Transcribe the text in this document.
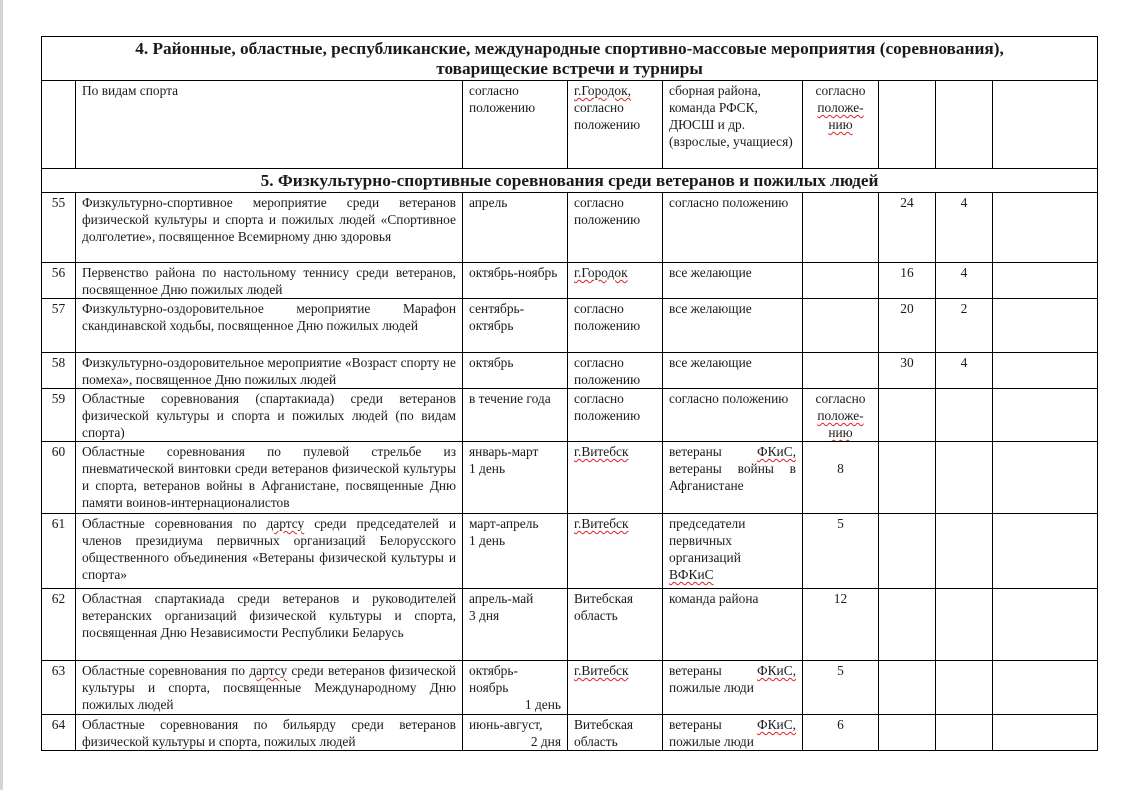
4. Районные, областные, республиканские, международные спортивно-массовые мероприятия (соревнования),
товарищеские встречи и турниры								

	По видам спорта	согласно положению	г.Городок, согласно положению	сборная района, команда РФСК, ДЮСШ и др. (взрослые, учащиеся)	согласно
положе-
нию			

5. Физкультурно-спортивные соревнования среди ветеранов и пожилых людей								
55	Физкультурно-спортивное мероприятие среди ветеранов физической культуры и спорта и пожилых людей «Спортивное долголетие», посвященное Всемирному дню здоровья	апрель	согласно положению	согласно положению		24	4	
56	Первенство района по настольному теннису среди ветеранов, посвященное Дню пожилых людей	октябрь-ноябрь	г.Городок	все желающие		16	4	
57	Физкультурно-оздоровительное мероприятие Марафон скандинавской ходьбы, посвященное Дню пожилых людей	сентябрь-октябрь	согласно положению	все желающие		20	2	
58	Физкультурно-оздоровительное мероприятие «Возраст спорту не помеха», посвященное Дню пожилых людей	октябрь	согласно положению	все желающие		30	4	
59	Областные соревнования (спартакиада) среди ветеранов физической культуры и спорта и пожилых людей (по видам спорта)	в течение года	согласно положению	согласно положению	согласно
положе-
нию			

60	Областные соревнования по пулевой стрельбе из пневматической винтовки среди ветеранов физической культуры и спорта, ветеранов войны в Афганистане, посвященные Дню памяти воинов-интернационалистов	январь-март
1 день	г.Витебск	ветераны ФКиС,
ветераны войны в Афганистане	8			
61	Областные соревнования по дартсу среди председателей и членов президиума первичных организаций Белорусского общественного объединения «Ветераны физической культуры и спорта»	март-апрель
1 день	г.Витебск	председатели первичных организаций
ВФКиС	5			
62	Областная спартакиада среди ветеранов и руководителей ветеранских организаций физической культуры и спорта, посвященная Дню Независимости Республики Беларусь	апрель-май
3 дня	Витебская область	команда района	12			
63	Областные соревнования по дартсу среди ветеранов физической культуры и спорта, посвященные Международному Дню пожилых людей	октябрь-ноябрь
1 день	г.Витебск	ветераны ФКиС,
пожилые люди	5			
64	Областные соревнования по бильярду среди ветеранов физической культуры и спорта, пожилых людей	июнь-август,
2 дня	Витебская область	ветераны ФКиС,
пожилые люди	6			
